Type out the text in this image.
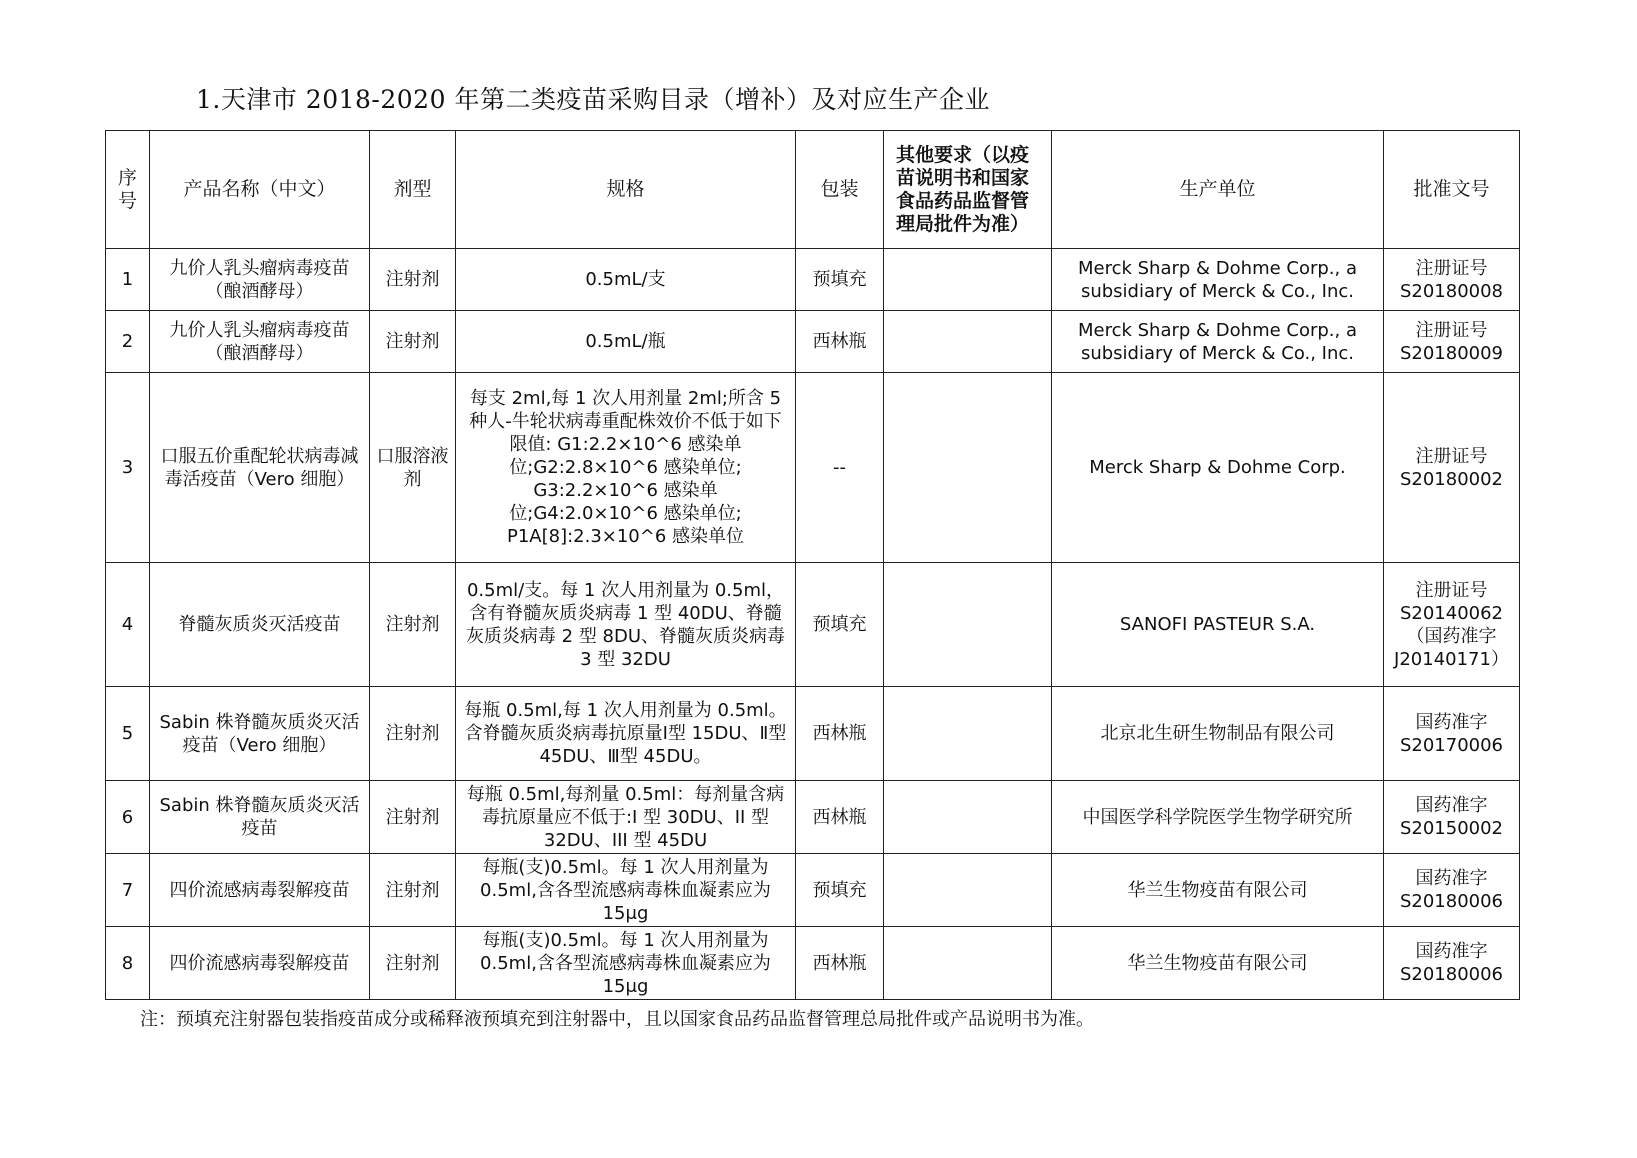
1.天津市 2018-2020 年第二类疫苗采购目录（增补）及对应生产企业
序号	产品名称（中文）	剂型	规格	包装	其他要求（以疫苗说明书和国家食品药品监督管理局批件为准）	生产单位	批准文号
1	九价人乳头瘤病毒疫苗（酿酒酵母）	注射剂	0.5mL/支	预填充		Merck Sharp & Dohme Corp., a subsidiary of Merck & Co., Inc.	注册证号 S20180008
2	九价人乳头瘤病毒疫苗（酿酒酵母）	注射剂	0.5mL/瓶	西林瓶		Merck Sharp & Dohme Corp., a subsidiary of Merck & Co., Inc.	注册证号 S20180009
3	口服五价重配轮状病毒减毒活疫苗（Vero 细胞）	口服溶液剂	每支 2ml,每 1 次人用剂量 2ml;所含 5 种人-牛轮状病毒重配株效价不低于如下限值: G1:2.2×10^6 感染单位;G2:2.8×10^6 感染单位; G3:2.2×10^6 感染单位;G4:2.0×10^6 感染单位; P1A[8]:2.3×10^6 感染单位	--		Merck Sharp & Dohme Corp.	注册证号 S20180002
4	脊髓灰质炎灭活疫苗	注射剂	0.5ml/支。每 1 次人用剂量为 0.5ml，含有脊髓灰质炎病毒 1 型 40DU、脊髓灰质炎病毒 2 型 8DU、脊髓灰质炎病毒 3 型 32DU	预填充		SANOFI PASTEUR S.A.	注册证号 S20140062 （国药准字 J20140171）
5	Sabin 株脊髓灰质炎灭活疫苗（Vero 细胞）	注射剂	每瓶 0.5ml,每 1 次人用剂量为 0.5ml。含脊髓灰质炎病毒抗原量Ⅰ型 15DU、Ⅱ型 45DU、Ⅲ型 45DU。	西林瓶		北京北生研生物制品有限公司	国药准字 S20170006
6	Sabin 株脊髓灰质炎灭活疫苗	注射剂	每瓶 0.5ml,每剂量 0.5ml：每剂量含病毒抗原量应不低于:I 型 30DU、II 型 32DU、III 型 45DU	西林瓶		中国医学科学院医学生物学研究所	国药准字 S20150002
7	四价流感病毒裂解疫苗	注射剂	每瓶(支)0.5ml。每 1 次人用剂量为 0.5ml,含各型流感病毒株血凝素应为 15μg	预填充		华兰生物疫苗有限公司	国药准字 S20180006
8	四价流感病毒裂解疫苗	注射剂	每瓶(支)0.5ml。每 1 次人用剂量为 0.5ml,含各型流感病毒株血凝素应为 15μg	西林瓶		华兰生物疫苗有限公司	国药准字 S20180006
注：预填充注射器包装指疫苗成分或稀释液预填充到注射器中，且以国家食品药品监督管理总局批件或产品说明书为准。
